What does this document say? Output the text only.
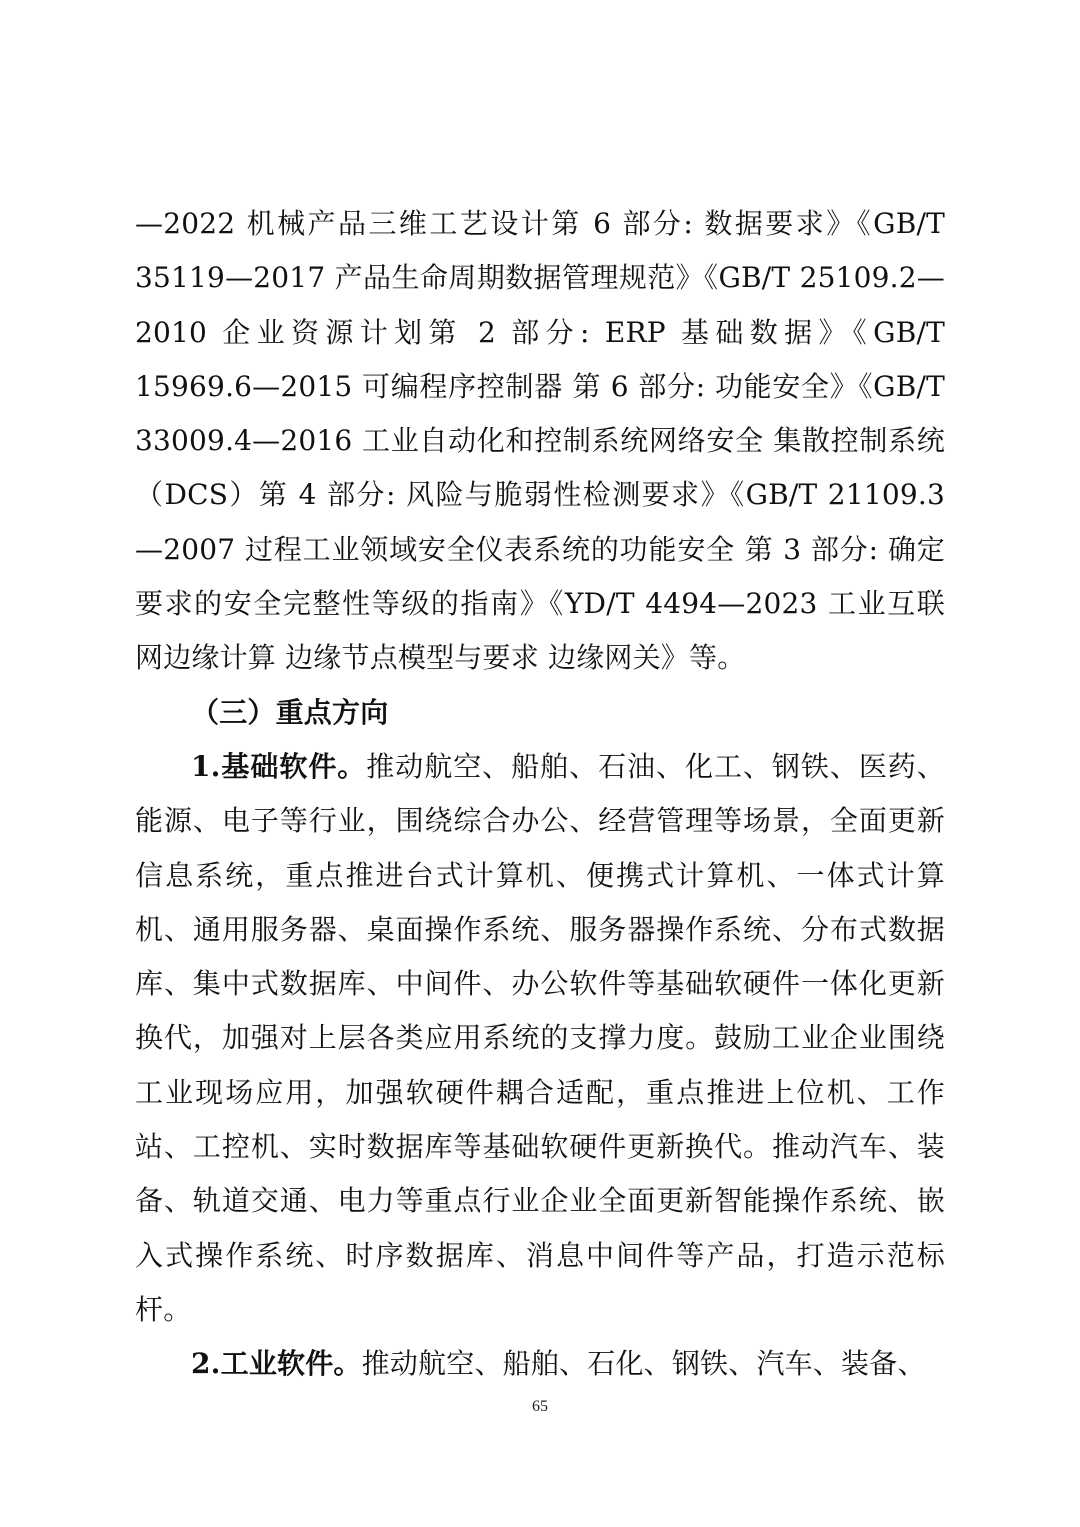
—2022 机械产品三维工艺设计第 6 部分: 数据要求》《GB/T 35119—2017 产品生命周期数据管理规范》《GB/T 25109.2—2010 企业资源计划第 2 部分: ERP 基础数据》《GB/T 15969.6—2015 可编程序控制器 第 6 部分: 功能安全》《GB/T 33009.4—2016 工业自动化和控制系统网络安全 集散控制系统（DCS）第 4 部分: 风险与脆弱性检测要求》《GB/T 21109.3—2007 过程工业领域安全仪表系统的功能安全 第 3 部分: 确定要求的安全完整性等级的指南》《YD/T 4494—2023 工业互联网边缘计算 边缘节点模型与要求 边缘网关》等。

（三）重点方向

1.基础软件。推动航空、船舶、石油、化工、钢铁、医药、能源、电子等行业，围绕综合办公、经营管理等场景，全面更新信息系统，重点推进台式计算机、便携式计算机、一体式计算机、通用服务器、桌面操作系统、服务器操作系统、分布式数据库、集中式数据库、中间件、办公软件等基础软硬件一体化更新换代，加强对上层各类应用系统的支撑力度。鼓励工业企业围绕工业现场应用，加强软硬件耦合适配，重点推进上位机、工作站、工控机、实时数据库等基础软硬件更新换代。推动汽车、装备、轨道交通、电力等重点行业企业全面更新智能操作系统、嵌入式操作系统、时序数据库、消息中间件等产品，打造示范标杆。

2.工业软件。推动航空、船舶、石化、钢铁、汽车、装备、

65
